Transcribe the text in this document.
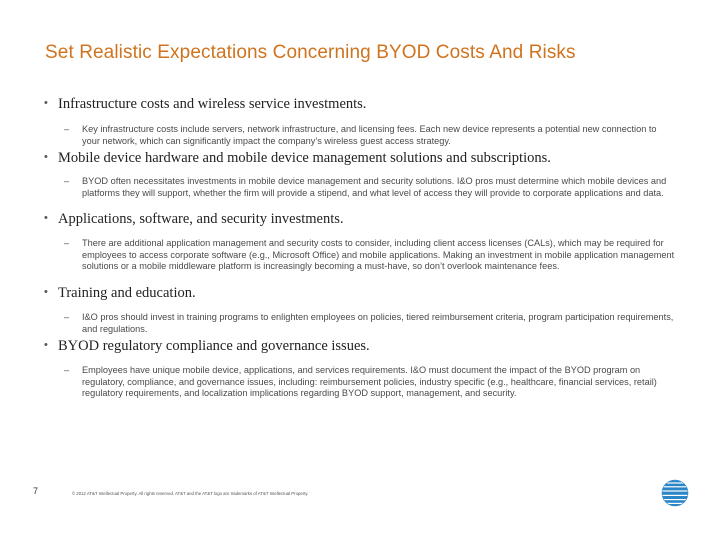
Set Realistic Expectations Concerning BYOD Costs And Risks
• Infrastructure costs and wireless service investments.
–	Key infrastructure costs include servers, network infrastructure, and licensing fees. Each new device represents a potential new connection to your network, which can significantly impact the company’s wireless guest access strategy.
• Mobile device hardware and mobile device management solutions and subscriptions.
–	BYOD often necessitates investments in mobile device management and security solutions. I&O pros must determine which mobile devices and platforms they will support, whether the firm will provide a stipend, and what level of access they will provide to corporate applications and data.
• Applications, software, and security investments.
–	There are additional application management and security costs to consider, including client access licenses (CALs), which may be required for employees to access corporate software (e.g., Microsoft Office) and mobile applications. Making an investment in mobile application management solutions or a mobile middleware platform is increasingly becoming a must-have, so don’t overlook maintenance fees.
• Training and education.
–	I&O pros should invest in training programs to enlighten employees on policies, tiered reimbursement criteria, program participation requirements, and regulations.
• BYOD regulatory compliance and governance issues.
–	Employees have unique mobile device, applications, and services requirements. I&O must document the impact of the BYOD program on regulatory, compliance, and governance issues, including: reimbursement policies, industry specific (e.g., healthcare, financial services, retail) regulatory requirements, and localization implications regarding BYOD support, management, and security.
7	© 2012 AT&T Intellectual Property. All rights reserved. AT&T and the AT&T logo are trademarks of AT&T Intellectual Property.
